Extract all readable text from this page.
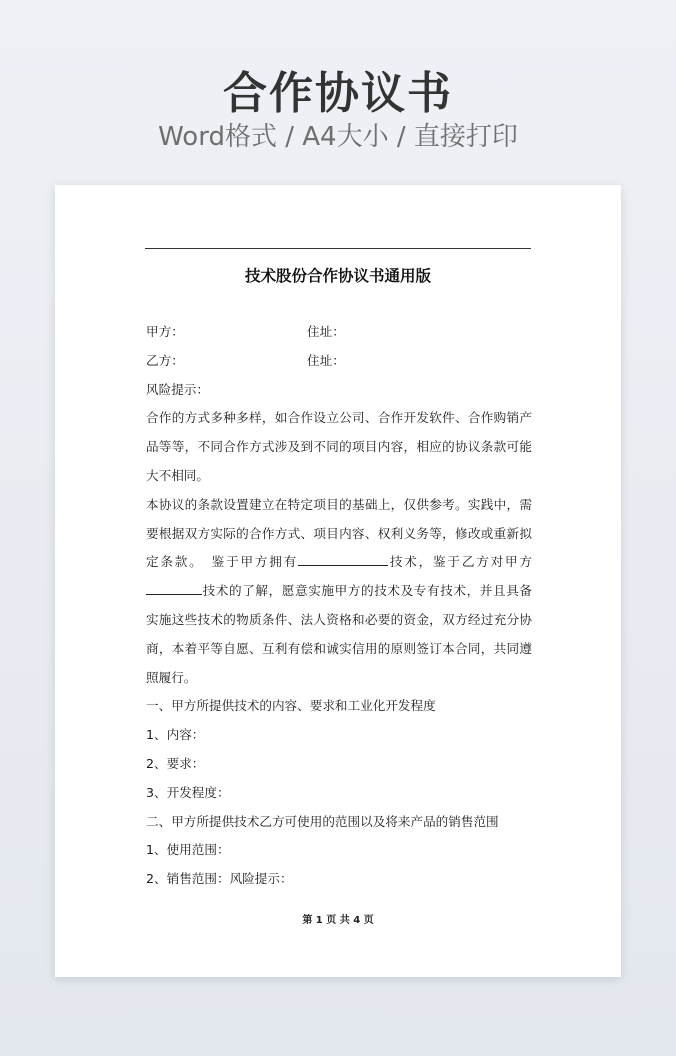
合作协议书
Word格式 / A4大小 / 直接打印
技术股份合作协议书通用版
甲方：	住址：
乙方：	住址：
风险提示：
合作的方式多种多样，如合作设立公司、合作开发软件、合作购销产
品等等，不同合作方式涉及到不同的项目内容，相应的协议条款可能
大不相同。
本协议的条款设置建立在特定项目的基础上，仅供参考。实践中，需
要根据双方实际的合作方式、项目内容、权利义务等，修改或重新拟
定条款。　鉴于甲方拥有	技术，鉴于乙方对甲方
技术的了解，愿意实施甲方的技术及专有技术，并且具备
实施这些技术的物质条件、法人资格和必要的资金，双方经过充分协
商，本着平等自愿、互利有偿和诚实信用的原则签订本合同，共同遵
照履行。
一、甲方所提供技术的内容、要求和工业化开发程度
1、内容：
2、要求：
3、开发程度：
二、甲方所提供技术乙方可使用的范围以及将来产品的销售范围
1、使用范围：
2、销售范围：风险提示：
第 1 页 共 4 页
